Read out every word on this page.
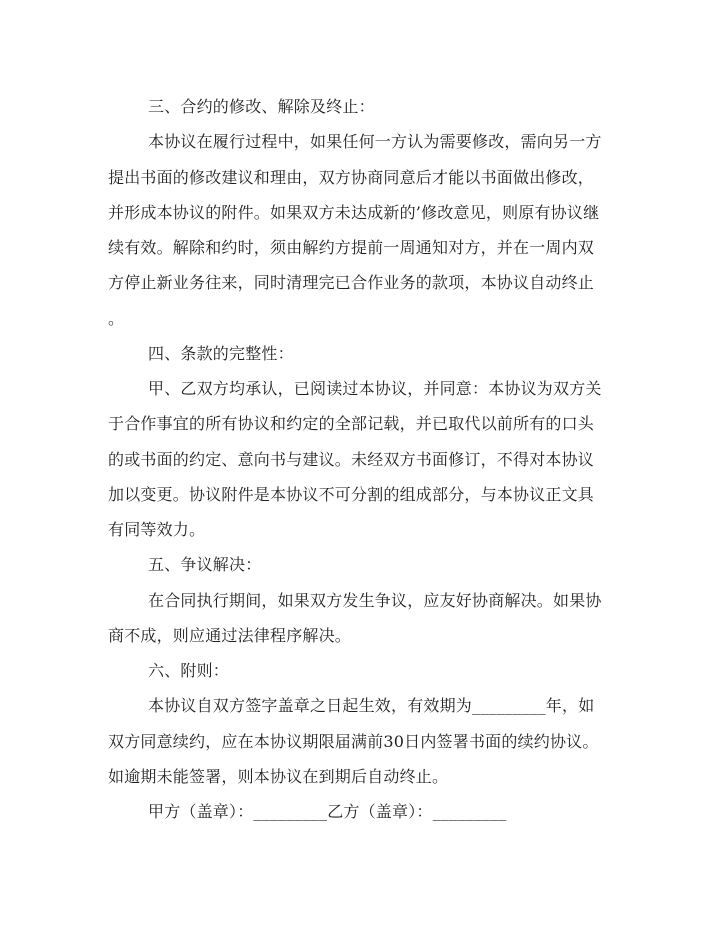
三、合约的修改、解除及终止：
本协议在履行过程中，如果任何一方认为需要修改，需向另一方
提出书面的修改建议和理由，双方协商同意后才能以书面做出修改，
并形成本协议的附件。如果双方未达成新的’修改意见，则原有协议继
续有效。解除和约时，须由解约方提前一周通知对方，并在一周内双
方停止新业务往来，同时清理完已合作业务的款项，本协议自动终止
。
四、条款的完整性：
甲、乙双方均承认，已阅读过本协议，并同意：本协议为双方关
于合作事宜的所有协议和约定的全部记载，并已取代以前所有的口头
的或书面的约定、意向书与建议。未经双方书面修订，不得对本协议
加以变更。协议附件是本协议不可分割的组成部分，与本协议正文具
有同等效力。
五、争议解决：
在合同执行期间，如果双方发生争议，应友好协商解决。如果协
商不成，则应通过法律程序解决。
六、附则：
本协议自双方签字盖章之日起生效，有效期为_________年，如
双方同意续约，应在本协议期限届满前30日内签署书面的续约协议。
如逾期未能签署，则本协议在到期后自动终止。
甲方（盖章）：_________乙方（盖章）：_________
